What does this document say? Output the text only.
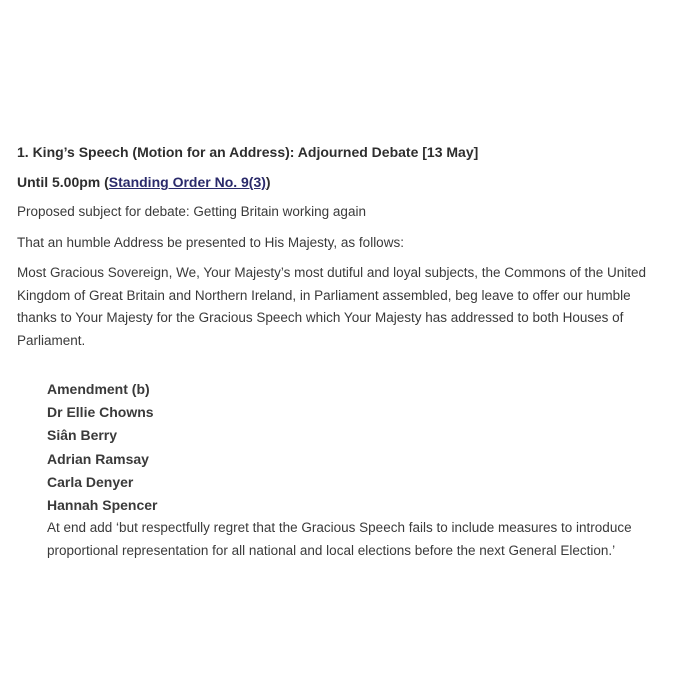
1. King’s Speech (Motion for an Address): Adjourned Debate [13 May]
Until 5.00pm (Standing Order No. 9(3))
Proposed subject for debate: Getting Britain working again
That an humble Address be presented to His Majesty, as follows:
Most Gracious Sovereign, We, Your Majesty’s most dutiful and loyal subjects, the Commons of the United Kingdom of Great Britain and Northern Ireland, in Parliament assembled, beg leave to offer our humble thanks to Your Majesty for the Gracious Speech which Your Majesty has addressed to both Houses of Parliament.
Amendment (b)
Dr Ellie Chowns
Siân Berry
Adrian Ramsay
Carla Denyer
Hannah Spencer
At end add ‘but respectfully regret that the Gracious Speech fails to include measures to introduce proportional representation for all national and local elections before the next General Election.’
